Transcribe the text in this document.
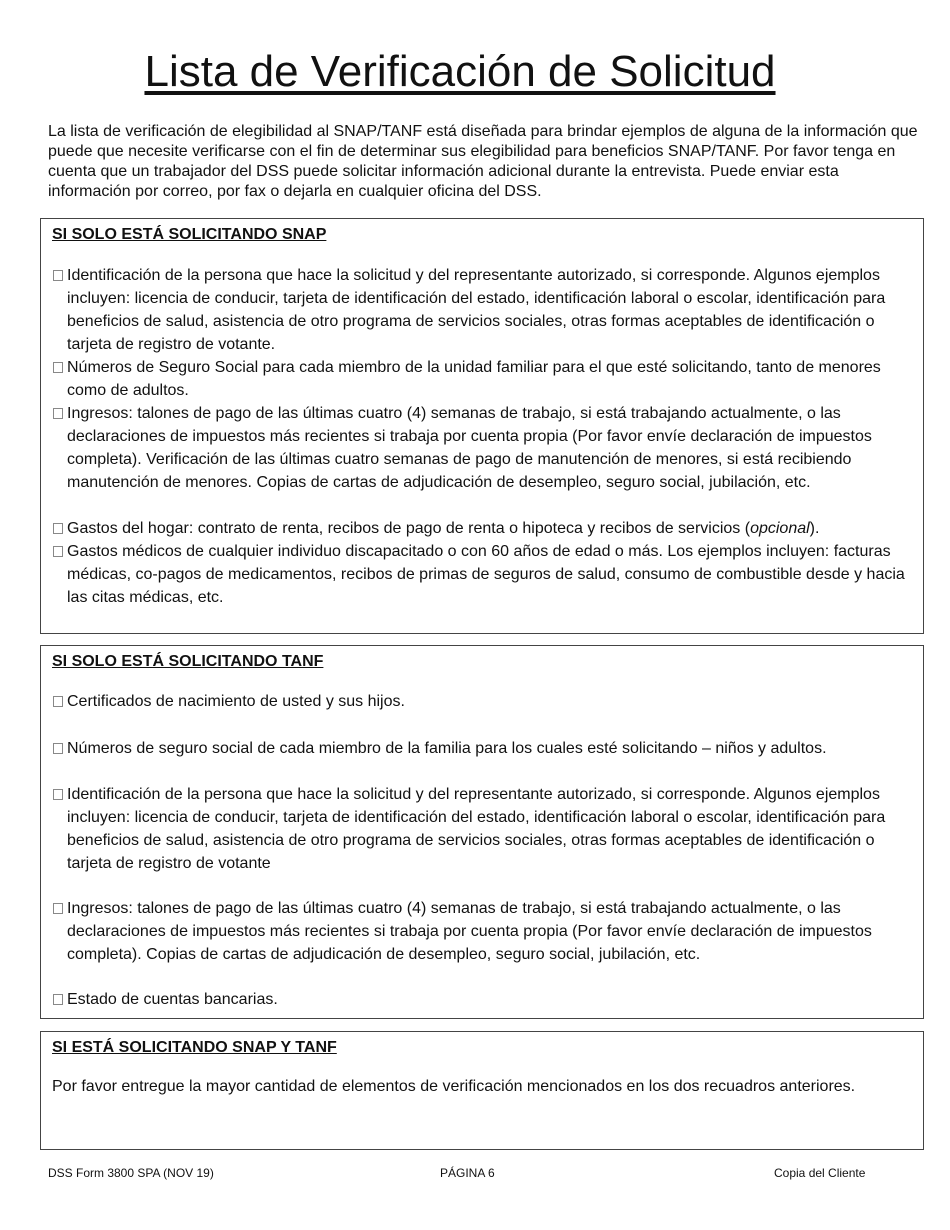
Lista de Verificación de Solicitud

La lista de verificación de elegibilidad al SNAP/TANF está diseñada para brindar ejemplos de alguna de la información que puede que necesite verificarse con el fin de determinar sus elegibilidad para beneficios SNAP/TANF. Por favor tenga en cuenta que un trabajador del DSS puede solicitar información adicional durante la entrevista. Puede enviar esta información por correo, por fax o dejarla en cualquier oficina del DSS.

SI SOLO ESTÁ SOLICITANDO SNAP
Identificación de la persona que hace la solicitud y del representante autorizado, si corresponde. Algunos ejemplos incluyen: licencia de conducir, tarjeta de identificación del estado, identificación laboral o escolar, identificación para beneficios de salud, asistencia de otro programa de servicios sociales, otras formas aceptables de identificación o tarjeta de registro de votante.
Números de Seguro Social para cada miembro de la unidad familiar para el que esté solicitando, tanto de menores como de adultos.
Ingresos: talones de pago de las últimas cuatro (4) semanas de trabajo, si está trabajando actualmente, o las declaraciones de impuestos más recientes si trabaja por cuenta propia (Por favor envíe declaración de impuestos completa). Verificación de las últimas cuatro semanas de pago de manutención de menores, si está recibiendo manutención de menores. Copias de cartas de adjudicación de desempleo, seguro social, jubilación, etc.
Gastos del hogar: contrato de renta, recibos de pago de renta o hipoteca y recibos de servicios (opcional).
Gastos médicos de cualquier individuo discapacitado o con 60 años de edad o más. Los ejemplos incluyen: facturas médicas, co-pagos de medicamentos, recibos de primas de seguros de salud, consumo de combustible desde y hacia las citas médicas, etc.
SI SOLO ESTÁ SOLICITANDO TANF
Certificados de nacimiento de usted y sus hijos.
Números de seguro social de cada miembro de la familia para los cuales esté solicitando – niños y adultos.
Identificación de la persona que hace la solicitud y del representante autorizado, si corresponde. Algunos ejemplos incluyen: licencia de conducir, tarjeta de identificación del estado, identificación laboral o escolar, identificación para beneficios de salud, asistencia de otro programa de servicios sociales, otras formas aceptables de identificación o tarjeta de registro de votante
Ingresos: talones de pago de las últimas cuatro (4) semanas de trabajo, si está trabajando actualmente, o las declaraciones de impuestos más recientes si trabaja por cuenta propia (Por favor envíe declaración de impuestos completa). Copias de cartas de adjudicación de desempleo, seguro social, jubilación, etc.
Estado de cuentas bancarias.
SI ESTÁ SOLICITANDO SNAP Y TANF
Por favor entregue la mayor cantidad de elementos de verificación mencionados en los dos recuadros anteriores.
DSS Form 3800 SPA (NOV 19)	PÁGINA 6	Copia del Cliente
